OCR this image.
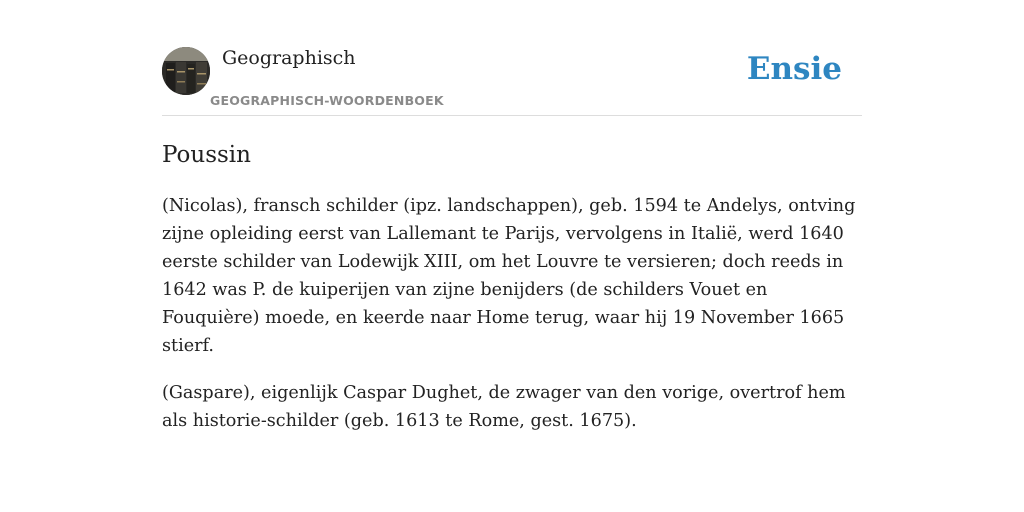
Geographisch
GEOGRAPHISCH-WOORDENBOEK
Ensie
Poussin

(Nicolas), fransch schilder (ipz. landschappen), geb. 1594 te Andelys, ontving zijne opleiding eerst van Lallemant te Parijs, vervolgens in Italië, werd 1640 eerste schilder van Lodewijk XIII, om het Louvre te versieren; doch reeds in 1642 was P. de kuiperijen van zijne benijders (de schilders Vouet en Fouquière) moede, en keerde naar Home terug, waar hij 19 November 1665 stierf.

(Gaspare), eigenlijk Caspar Dughet, de zwager van den vorige, overtrof hem als historie-schilder (geb. 1613 te Rome, gest. 1675).
